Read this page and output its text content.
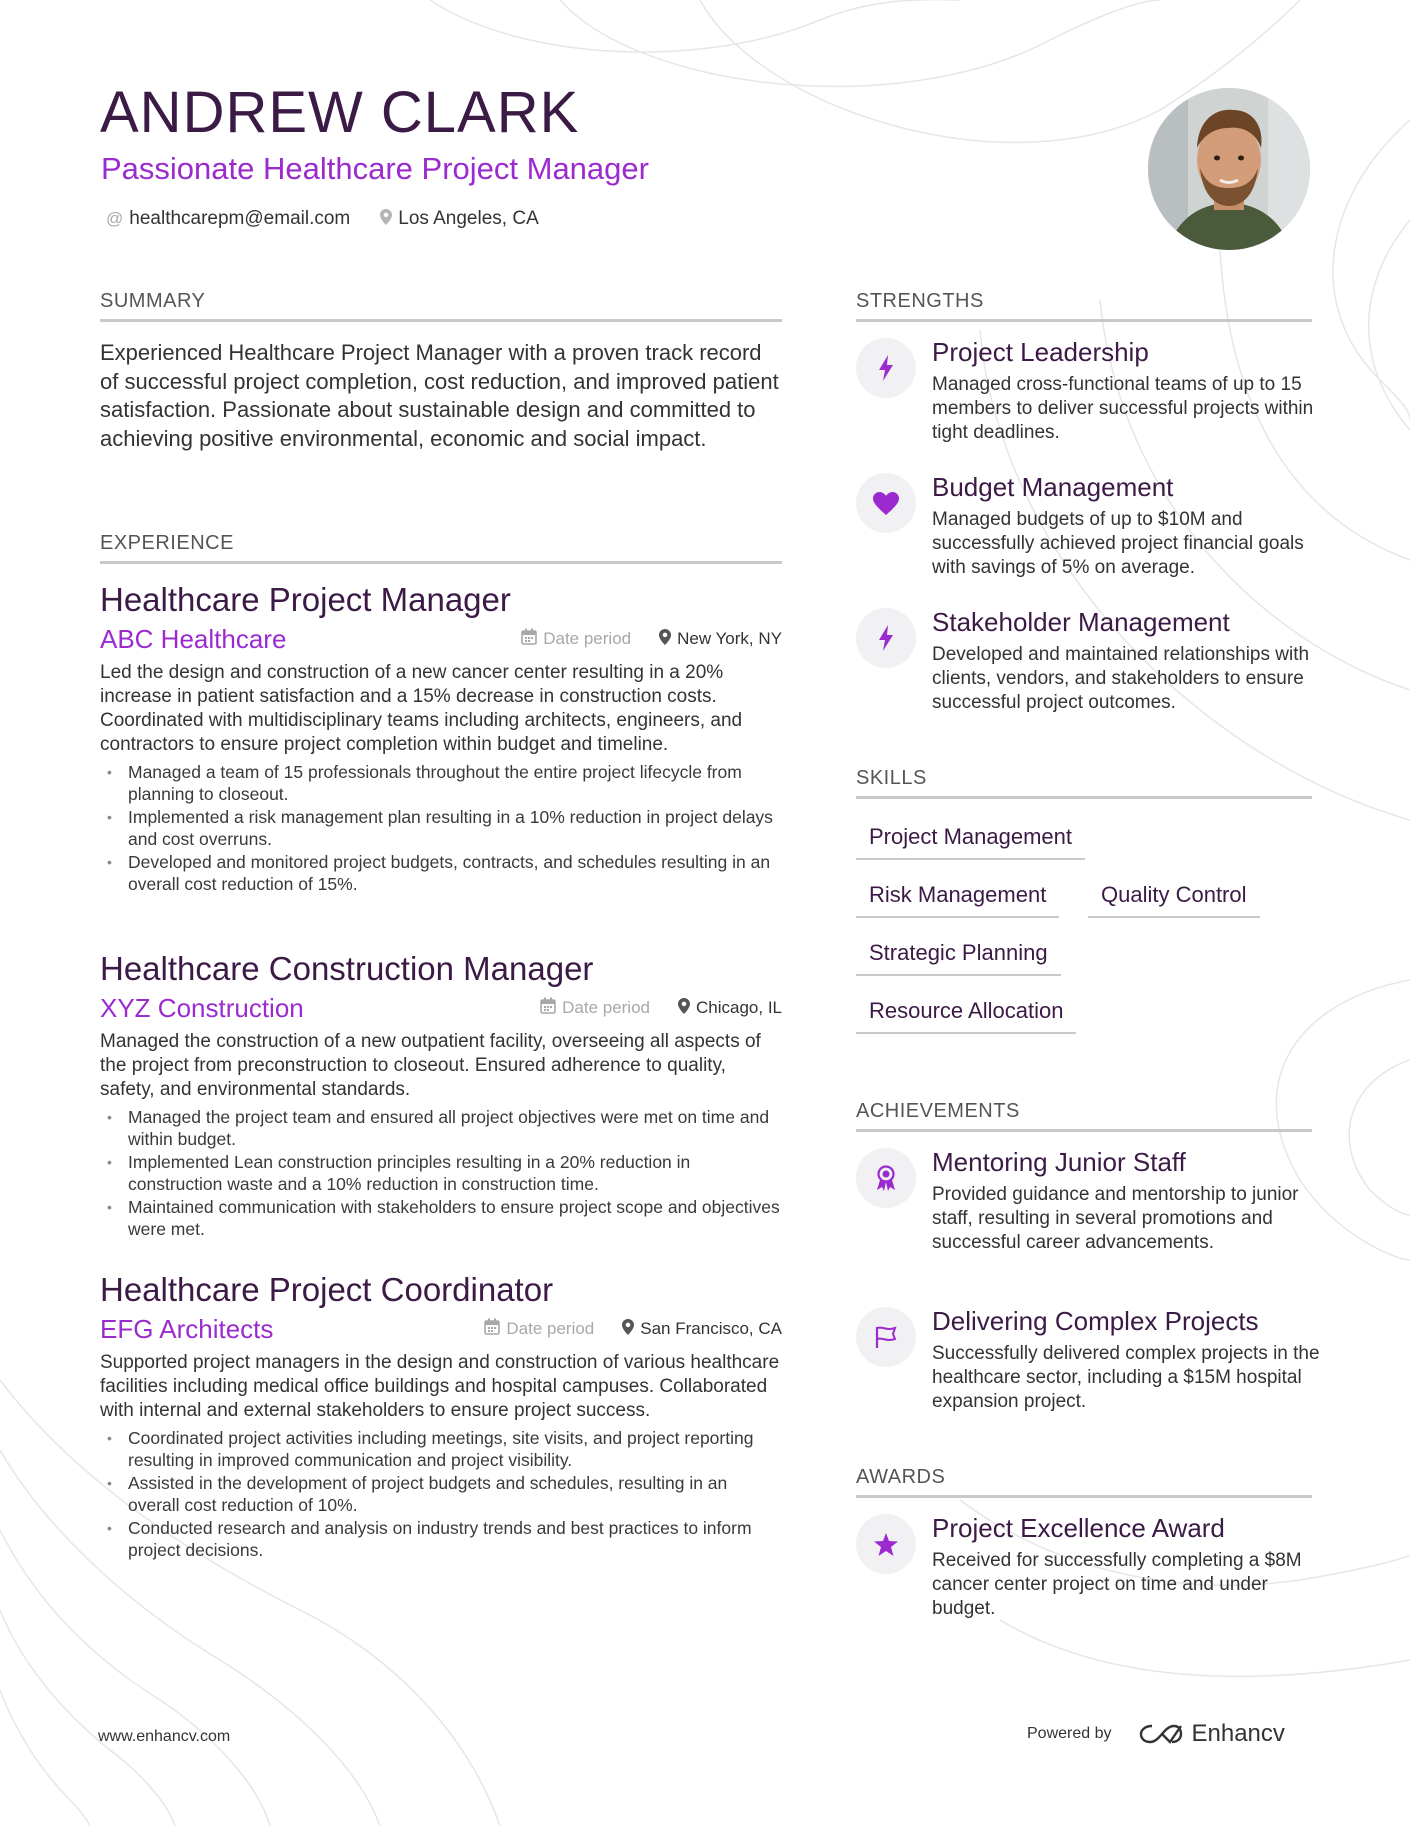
ANDREW CLARK
Passionate Healthcare Project Manager
@ healthcarepm@email.com	Los Angeles, CA
SUMMARY
Experienced Healthcare Project Manager with a proven track record of successful project completion, cost reduction, and improved patient satisfaction. Passionate about sustainable design and committed to achieving positive environmental, economic and social impact.
EXPERIENCE
Healthcare Project Manager
ABC Healthcare	Date period	New York, NY
Led the design and construction of a new cancer center resulting in a 20% increase in patient satisfaction and a 15% decrease in construction costs. Coordinated with multidisciplinary teams including architects, engineers, and contractors to ensure project completion within budget and timeline.
• Managed a team of 15 professionals throughout the entire project lifecycle from planning to closeout.
• Implemented a risk management plan resulting in a 10% reduction in project delays and cost overruns.
• Developed and monitored project budgets, contracts, and schedules resulting in an overall cost reduction of 15%.
Healthcare Construction Manager
XYZ Construction	Date period	Chicago, IL
Managed the construction of a new outpatient facility, overseeing all aspects of the project from preconstruction to closeout. Ensured adherence to quality, safety, and environmental standards.
• Managed the project team and ensured all project objectives were met on time and within budget.
• Implemented Lean construction principles resulting in a 20% reduction in construction waste and a 10% reduction in construction time.
• Maintained communication with stakeholders to ensure project scope and objectives were met.
Healthcare Project Coordinator
EFG Architects	Date period	San Francisco, CA
Supported project managers in the design and construction of various healthcare facilities including medical office buildings and hospital campuses. Collaborated with internal and external stakeholders to ensure project success.
• Coordinated project activities including meetings, site visits, and project reporting resulting in improved communication and project visibility.
• Assisted in the development of project budgets and schedules, resulting in an overall cost reduction of 10%.
• Conducted research and analysis on industry trends and best practices to inform project decisions.
STRENGTHS
Project Leadership
Managed cross-functional teams of up to 15 members to deliver successful projects within tight deadlines.
Budget Management
Managed budgets of up to $10M and successfully achieved project financial goals with savings of 5% on average.
Stakeholder Management
Developed and maintained relationships with clients, vendors, and stakeholders to ensure successful project outcomes.
SKILLS
Project Management
Risk Management	Quality Control
Strategic Planning
Resource Allocation
ACHIEVEMENTS
Mentoring Junior Staff
Provided guidance and mentorship to junior staff, resulting in several promotions and successful career advancements.
Delivering Complex Projects
Successfully delivered complex projects in the healthcare sector, including a $15M hospital expansion project.
AWARDS
Project Excellence Award
Received for successfully completing a $8M cancer center project on time and under budget.
www.enhancv.com	Powered by	Enhancv
